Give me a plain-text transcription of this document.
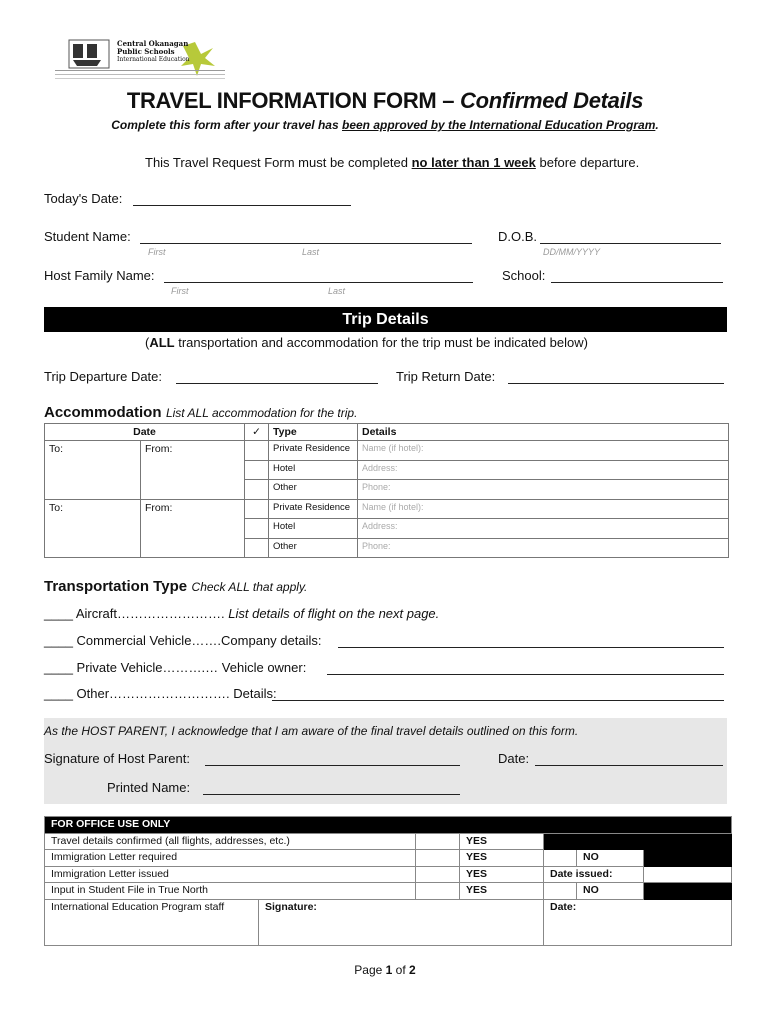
Central Okanagan
Public Schools
International Education
TRAVEL INFORMATION FORM – Confirmed Details
Complete this form after your travel has been approved by the International Education Program.
This Travel Request Form must be completed no later than 1 week before departure.
Today's Date:
Student Name:
First	Last
D.O.B.
DD/MM/YYYY
Host Family Name:
First	Last
School:
Trip Details
(ALL transportation and accommodation for the trip must be indicated below)
Trip Departure Date:	Trip Return Date:
Accommodation List ALL accommodation for the trip.
Date		✓	Type	Details
To:	From:		Private Residence	Name (if hotel):
			Hotel	Address:
			Other	Phone:
To:	From:		Private Residence	Name (if hotel):
			Hotel	Address:
			Other	Phone:
Transportation Type Check ALL that apply.
____ Aircraft……………………. List details of flight on the next page.
____ Commercial Vehicle…….Company details:
____ Private Vehicle……….… Vehicle owner:
____ Other………………………. Details:
As the HOST PARENT, I acknowledge that I am aware of the final travel details outlined on this form.
Signature of Host Parent:	Date:
Printed Name:
FOR OFFICE USE ONLY							
Travel details confirmed (all flights, addresses, etc.)			YES				
Immigration Letter required			YES		NO		
Immigration Letter issued			YES	Date issued:			
Input in Student File in True North			YES		NO		
International Education Program staff	Signature:			Date:			
Page 1 of 2
